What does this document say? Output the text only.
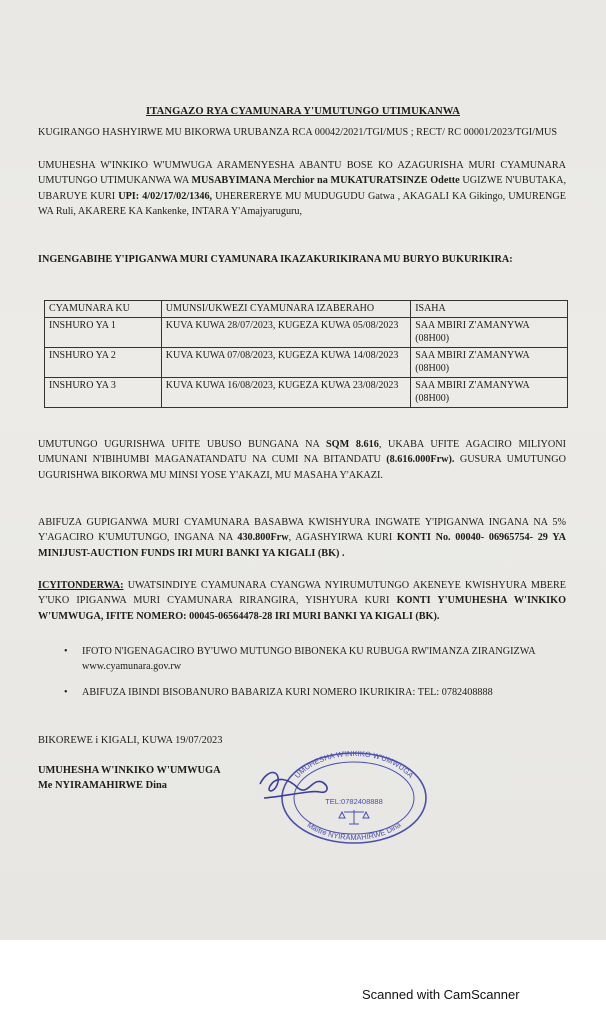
ITANGAZO RYA CYAMUNARA Y'UMUTUNGO UTIMUKANWA

KUGIRANGO HASHYIRWE MU BIKORWA URUBANZA RCA 00042/2021/TGI/MUS ; RECT/ RC 00001/2023/TGI/MUS

UMUHESHA W'INKIKO W'UMWUGA ARAMENYESHA ABANTU BOSE KO AZAGURISHA MURI CYAMUNARA UMUTUNGO UTIMUKANWA WA MUSABYIMANA Merchior na MUKATURATSINZE Odette UGIZWE N'UBUTAKA, UBARUYE KURI UPI: 4/02/17/02/1346, UHERERERYE MU MUDUGUDU Gatwa , AKAGALI KA Gikingo, UMURENGE WA Ruli, AKARERE KA Kankenke, INTARA Y'Amajyaruguru,

INGENGABIHE Y'IPIGANWA MURI CYAMUNARA IKAZAKURIKIRANA MU BURYO BUKURIKIRA:

CYAMUNARA KU	UMUNSI/UKWEZI CYAMUNARA IZABERAHO	ISAHA
INSHURO YA 1	KUVA KUWA 28/07/2023, KUGEZA KUWA 05/08/2023	SAA MBIRI Z'AMANYWA (08H00)
INSHURO YA 2	KUVA KUWA 07/08/2023, KUGEZA KUWA 14/08/2023	SAA MBIRI Z'AMANYWA (08H00)
INSHURO YA 3	KUVA KUWA 16/08/2023, KUGEZA KUWA 23/08/2023	SAA MBIRI Z'AMANYWA (08H00)

UMUTUNGO UGURISHWA UFITE UBUSO BUNGANA NA SQM 8.616, UKABA UFITE AGACIRO MILIYONI UMUNANI N'IBIHUMBI MAGANATANDATU NA CUMI NA BITANDATU (8.616.000Frw). GUSURA UMUTUNGO UGURISHWA BIKORWA MU MINSI YOSE Y'AKAZI, MU MASAHA Y'AKAZI.

ABIFUZA GUPIGANWA MURI CYAMUNARA BASABWA KWISHYURA INGWATE Y'IPIGANWA INGANA NA 5% Y'AGACIRO K'UMUTUNGO, INGANA NA 430.800Frw, AGASHYIRWA KURI KONTI No. 00040- 06965754- 29 YA MINIJUST-AUCTION FUNDS IRI MURI BANKI YA KIGALI (BK) .

ICYITONDERWA: UWATSINDIYE CYAMUNARA CYANGWA NYIRUMUTUNGO AKENEYE KWISHYURA MBERE Y'UKO IPIGANWA MURI CYAMUNARA RIRANGIRA, YISHYURA KURI KONTI Y'UMUHESHA W'INKIKO W'UMWUGA, IFITE NOMERO: 00045-06564478-28 IRI MURI BANKI YA KIGALI (BK).

• IFOTO N'IGENAGACIRO BY'UWO MUTUNGO BIBONEKA KU RUBUGA RW'IMANZA ZIRANGIZWA www.cyamunara.gov.rw
• ABIFUZA IBINDI BISOBANURO BABARIZA KURI NOMERO IKURIKIRA: TEL: 0782408888
BIKOREWE i KIGALI, KUWA 19/07/2023
UMUHESHA W'INKIKO W'UMWUGA
Me NYIRAMAHIRWE Dina
UMUHESHA W'INKIKO W'UMWUGA
TEL:0782408888
Maître NYIRAMAHIRWE Dina
Scanned with CamScanner
